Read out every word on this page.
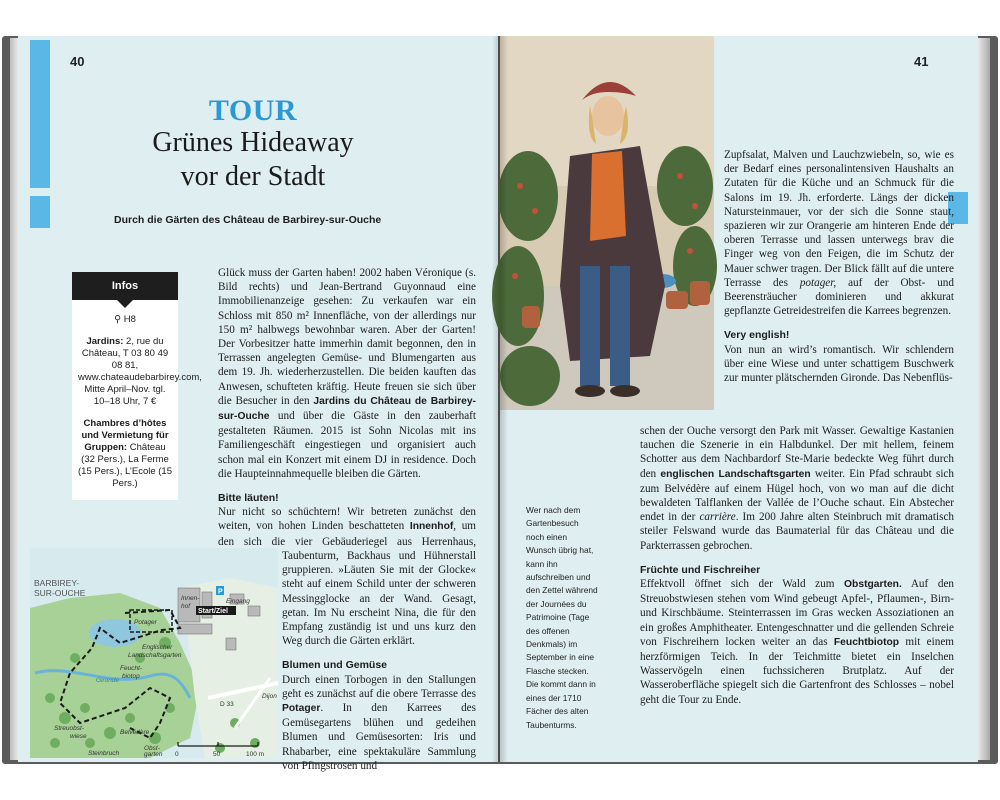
40
TOUR
Grünes Hideaway
vor der Stadt
Durch die Gärten des Château de Barbirey-sur-Ouche
Infos

⚲ H8

Jardins: 2, rue du Château, T 03 80 49 08 81, www.chateaudebarbirey.com, Mitte April–Nov. tgl. 10–18 Uhr, 7 €

Chambres d’hôtes und Vermietung für Gruppen: Château (32 Pers.), La Ferme (15 Pers.), L’Ecole (15 Pers.)

Glück muss der Garten haben! 2002 haben Véronique (s. Bild rechts) und Jean-Bertrand Guyonnaud eine Immobilienanzeige gesehen: Zu verkaufen war ein Schloss mit 850 m² Innenfläche, von der allerdings nur 150 m² halbwegs bewohnbar waren. Aber der Garten! Der Vorbesitzer hatte immerhin damit begonnen, den in Terrassen angelegten Gemüse- und Blumengarten aus dem 19. Jh. wiederherzustellen. Die beiden kauften das Anwesen, schufteten kräftig. Heute freuen sie sich über die Besucher in den Jardins du Château de Barbirey-sur-Ouche und über die Gäste in den zauberhaft gestalteten Räumen. 2015 ist Sohn Nicolas mit ins Familiengeschäft eingestiegen und organisiert auch schon mal ein Konzert mit einem DJ in residence. Doch die Haupteinnahmequelle bleiben die Gärten.

Bitte läuten!

Nur nicht so schüchtern! Wir betreten zunächst den weiten, von hohen Linden beschatteten Innenhof, um den sich die vier Gebäuderiegel aus Herrenhaus,

Taubenturm, Backhaus und Hühnerstall gruppieren. »Läuten Sie mit der Glocke« steht auf einem Schild unter der schweren Messingglocke an der Wand. Gesagt, getan. Im Nu erscheint Nina, die für den Empfang zuständig ist und uns kurz den Weg durch die Gärten erklärt.

Blumen und Gemüse

Durch einen Torbogen in den Stallungen geht es zunächst auf die obere Terrasse des Potager. In den Karrees des Gemüsegartens blühen und gedeihen Blumen und Gemüsesorten: Iris und Rhabarber, eine spektakuläre Sammlung von Pfingstrosen und

P
Start/Ziel
BARBIREY-
SUR-OUCHE
Potager
Innen-
hof
Eingang
Englischer
Landschaftsgarten
Feucht-
biotop
Gironde
Streuobst-
wiese
Belvédère
Obst-
garten
Steinbruch
D 33
Dijon
0	50	100 m
41
Wer nach dem Gartenbesuch noch einen Wunsch übrig hat, kann ihn aufschreiben und den Zettel während der Journées du Patrimoine (Tage des offenen Denkmals) im September in eine Flasche stecken. Die kommt dann in eines der 1710 Fächer des alten Taubenturms.

Zupfsalat, Malven und Lauchzwiebeln, so, wie es der Bedarf eines personalintensiven Haushalts an Zutaten für die Küche und an Schmuck für die Salons im 19. Jh. erforderte. Längs der dicken Natursteinmauer, vor der sich die Sonne staut, spazieren wir zur Orangerie am hinteren Ende der oberen Terrasse und lassen unterwegs brav die Finger weg von den Feigen, die im Schutz der Mauer schwer tragen. Der Blick fällt auf die untere Terrasse des potager, auf der Obst- und Beerensträucher dominieren und akkurat gepflanzte Getreidestreifen die Karrees begrenzen.

Very english!

Von nun an wird’s romantisch. Wir schlendern über eine Wiese und unter schattigem Buschwerk zur munter plätschernden Gironde. Das Nebenflüs-

schen der Ouche versorgt den Park mit Wasser. Gewaltige Kastanien tauchen die Szenerie in ein Halbdunkel. Der mit hellem, feinem Schotter aus dem Nachbardorf Ste-Marie bedeckte Weg führt durch den englischen Landschaftsgarten weiter. Ein Pfad schraubt sich zum Belvédère auf einem Hügel hoch, von wo man auf die dicht bewaldeten Talflanken der Vallée de l’Ouche schaut. Ein Abstecher endet in der carrière. Im 200 Jahre alten Steinbruch mit dramatisch steiler Felswand wurde das Baumaterial für das Château und die Parkterrassen gebrochen.

Früchte und Fischreiher

Effektvoll öffnet sich der Wald zum Obstgarten. Auf den Streuobstwiesen stehen vom Wind gebeugt Apfel-, Pflaumen-, Birn- und Kirschbäume. Steinterrassen im Gras wecken Assoziationen an ein großes Amphitheater. Entengeschnatter und die gellenden Schreie von Fischreihern locken weiter an das Feuchtbiotop mit einem herzförmigen Teich. In der Teichmitte bietet ein Inselchen Wasservögeln einen fuchssicheren Brutplatz. Auf der Wasseroberfläche spiegelt sich die Gartenfront des Schlosses – nobel geht die Tour zu Ende.
